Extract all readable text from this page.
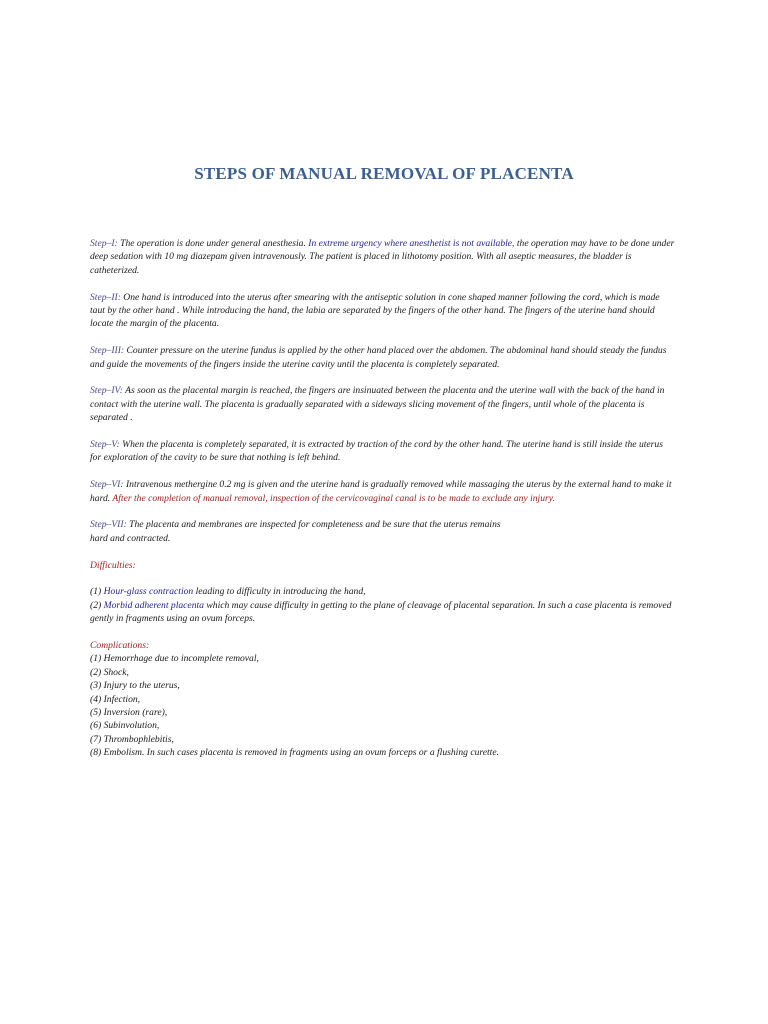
STEPS OF MANUAL REMOVAL OF PLACENTA

Step–I: The operation is done under general anesthesia. In extreme urgency where anesthetist is not available, the operation may have to be done under deep sedation with 10 mg diazepam given intravenously. The patient is placed in lithotomy position. With all aseptic measures, the bladder is catheterized.

Step–II: One hand is introduced into the uterus after smearing with the antiseptic solution in cone shaped manner following the cord, which is made taut by the other hand . While introducing the hand, the labia are separated by the fingers of the other hand. The fingers of the uterine hand should locate the margin of the placenta.

Step–III: Counter pressure on the uterine fundus is applied by the other hand placed over the abdomen. The abdominal hand should steady the fundus and guide the movements of the fingers inside the uterine cavity until the placenta is completely separated.

Step–IV: As soon as the placental margin is reached, the fingers are insinuated between the placenta and the uterine wall with the back of the hand in contact with the uterine wall. The placenta is gradually separated with a sideways slicing movement of the fingers, until whole of the placenta is separated .

Step–V: When the placenta is completely separated, it is extracted by traction of the cord by the other hand. The uterine hand is still inside the uterus for exploration of the cavity to be sure that nothing is left behind.

Step–VI: Intravenous methergine 0.2 mg is given and the uterine hand is gradually removed while massaging the uterus by the external hand to make it hard. After the completion of manual removal, inspection of the cervicovaginal canal is to be made to exclude any injury.

Step–VII: The placenta and membranes are inspected for completeness and be sure that the uterus remains
hard and contracted.

Difficulties:

(1) Hour-glass contraction leading to difficulty in introducing the hand,

(2) Morbid adherent placenta which may cause difficulty in getting to the plane of cleavage of placental separation. In such a case placenta is removed gently in fragments using an ovum forceps.

Complications:

(1) Hemorrhage due to incomplete removal,

(2) Shock,

(3) Injury to the uterus,

(4) Infection,

(5) Inversion (rare),

(6) Subinvolution,

(7) Thrombophlebitis,

(8) Embolism. In such cases placenta is removed in fragments using an ovum forceps or a flushing curette.
